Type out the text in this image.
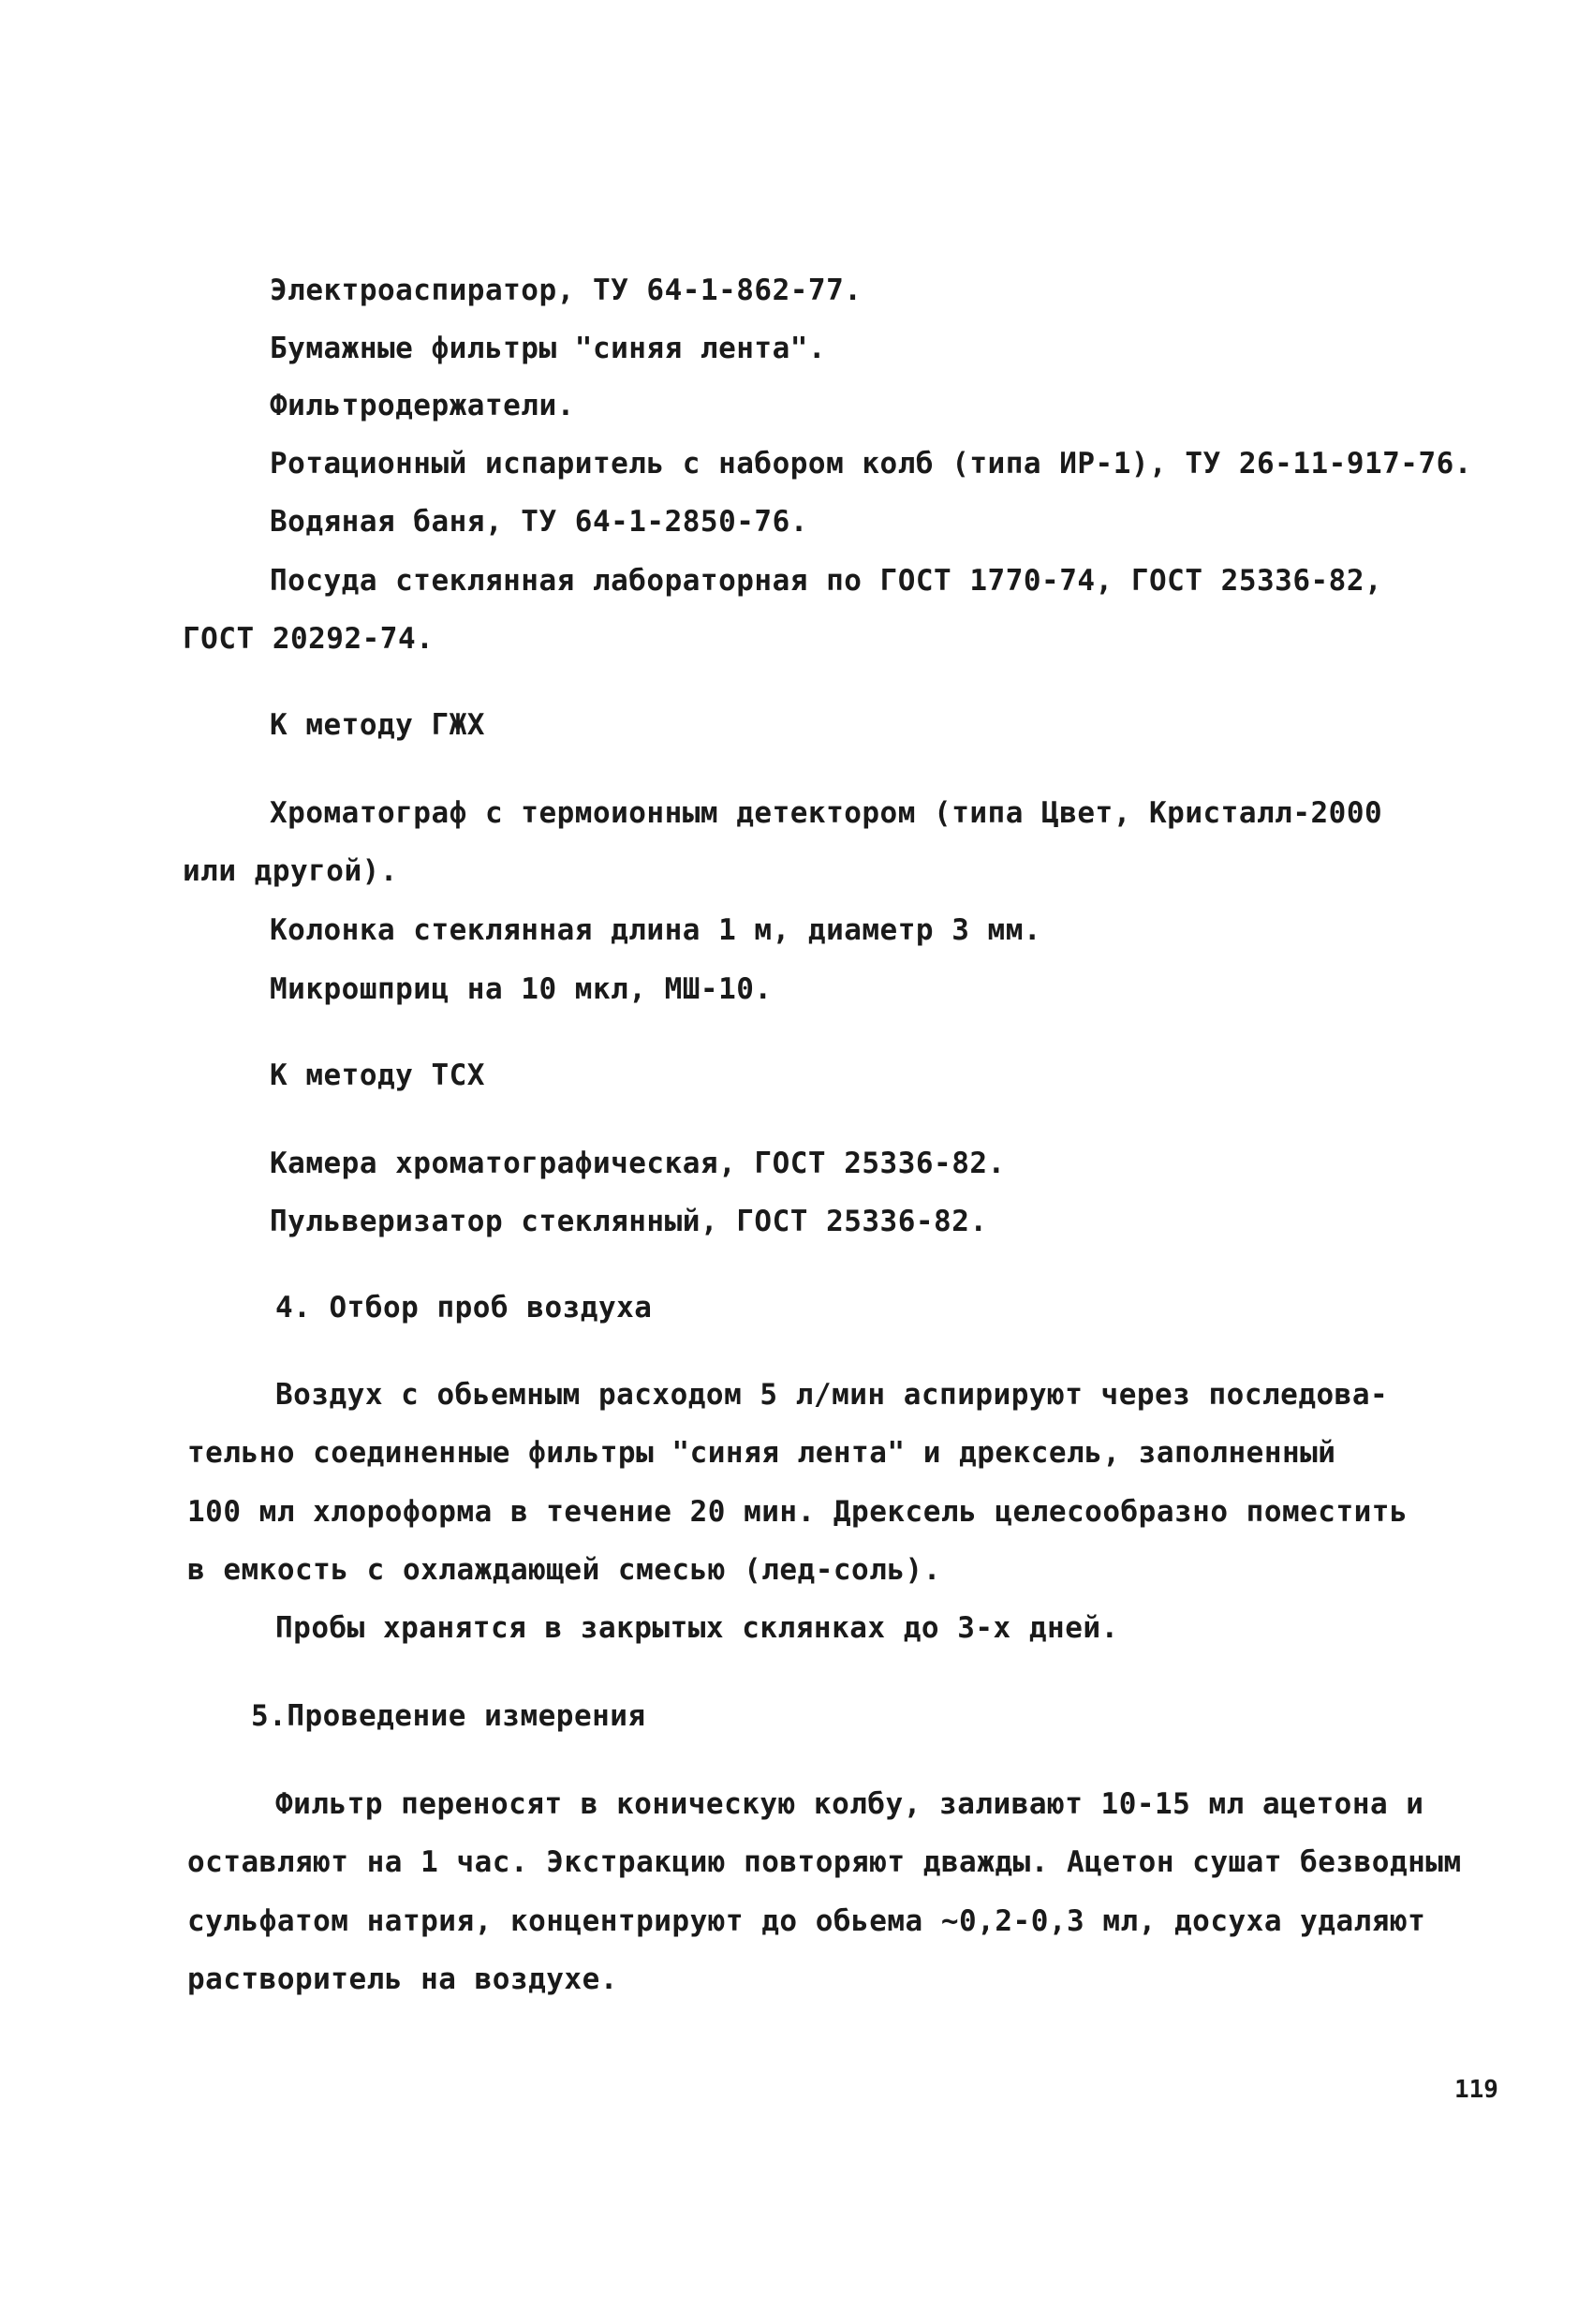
Электроаспиратор, ТУ 64-1-862-77.
Бумажные фильтры "синяя лента".
Фильтродержатели.
Ротационный испаритель с набором колб (типа ИР-1), ТУ 26-11-917-76.
Водяная баня, ТУ 64-1-2850-76.
Посуда стеклянная лабораторная по ГОСТ 1770-74, ГОСТ 25336-82,
ГОСТ 20292-74.
К методу ГЖХ
Хроматограф с термоионным детектором (типа Цвет, Кристалл-2000
или другой).
Колонка стеклянная длина 1 м, диаметр 3 мм.
Микрошприц на 10 мкл, МШ-10.
К методу ТСХ
Камера хроматографическая, ГОСТ 25336-82.
Пульверизатор стеклянный, ГОСТ 25336-82.
4. Отбор проб воздуха
Воздух с обьемным расходом 5 л/мин аспирируют через последова-
тельно соединенные фильтры "синяя лента" и дрексель, заполненный
100 мл хлороформа в течение 20 мин. Дрексель целесообразно поместить
в емкость с охлаждающей смесью (лед-соль).
Пробы хранятся в закрытых склянках до 3-х дней.
5.Проведение измерения
Фильтр переносят в коническую колбу, заливают 10-15 мл ацетона и
оставляют на 1 час. Экстракцию повторяют дважды. Ацетон сушат безводным
сульфатом натрия, концентрируют до обьема ~0,2-0,3 мл, досуха удаляют
растворитель на воздухе.
119
